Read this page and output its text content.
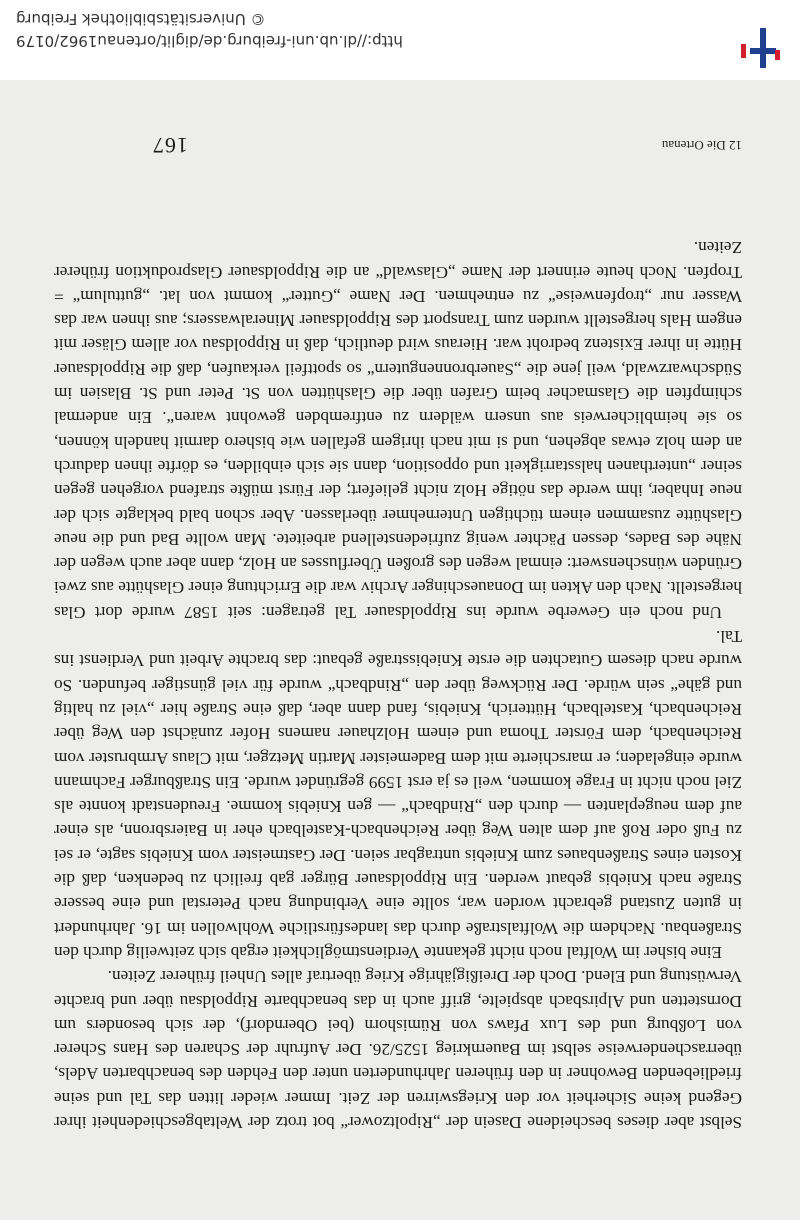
Selbst aber dieses bescheidene Dasein der „Ripoltzower“ bot trotz der Weltabgeschiedenheit ihrer Gegend keine Sicherheit vor den Kriegswirren der Zeit. Immer wieder litten das Tal und seine friedliebenden Bewohner in den früheren Jahrhunderten unter den Fehden des benachbarten Adels, überraschenderweise selbst im Bauernkrieg 1525/26. Der Aufruhr der Scharen des Hans Scherer von Loßburg und des Lux Pfaws von Rümishorn (bei Oberndorf), der sich besonders um Dornstetten und Alpirsbach abspielte, griff auch in das benachbarte Rippoldsau über und brachte Verwüstung und Elend. Doch der Dreißigjährige Krieg übertraf alles Unheil früherer Zeiten.

Eine bisher im Wolftal noch nicht gekannte Verdienstmöglichkeit ergab sich zeitweilig durch den Straßenbau. Nachdem die Wolftalstraße durch das landesfürstliche Wohlwollen im 16. Jahrhundert in guten Zustand gebracht worden war, sollte eine Verbindung nach Peterstal und eine bessere Straße nach Kniebis gebaut werden. Ein Rippoldsauer Bürger gab freilich zu bedenken, daß die Kosten eines Straßenbaues zum Kniebis untragbar seien. Der Gastmeister vom Kniebis sagte, er sei zu Fuß oder Roß auf dem alten Weg über Reichenbach-Kastelbach eher in Baiersbronn, als einer auf dem neugeplanten — durch den „Rindbach“ — gen Kniebis komme. Freudenstadt konnte als Ziel noch nicht in Frage kommen, weil es ja erst 1599 gegründet wurde. Ein Straßburger Fachmann wurde eingeladen; er marschierte mit dem Bademeister Martin Metzger, mit Claus Armbruster vom Reichenbach, dem Förster Thoma und einem Holzhauer namens Hofer zunächst den Weg über Reichenbach, Kastelbach, Hütterich, Kniebis, fand dann aber, daß eine Straße hier „viel zu haltig und gähe“ sein würde. Der Rückweg über den „Rindbach“ wurde für viel günstiger befunden. So wurde nach diesem Gutachten die erste Kniebisstraße gebaut: das brachte Arbeit und Verdienst ins Tal.

Und noch ein Gewerbe wurde ins Rippoldsauer Tal getragen: seit 1587 wurde dort Glas hergestellt. Nach den Akten im Donaueschinger Archiv war die Errichtung einer Glashütte aus zwei Gründen wünschenswert: einmal wegen des großen Überflusses an Holz, dann aber auch wegen der Nähe des Bades, dessen Pächter wenig zufriedenstellend arbeitete. Man wollte Bad und die neue Glashütte zusammen einem tüchtigen Unternehmer überlassen. Aber schon bald beklagte sich der neue Inhaber, ihm werde das nötige Holz nicht geliefert; der Fürst müßte strafend vorgehen gegen seiner „unterthanen halsstarrigkeit und opposition, dann sie sich einbilden, es dörfte ihnen dadurch an dem holz etwas abgehen, und si mit nach ihrigem gefallen wie bishero darmit handeln können, so sie heimblicherweis aus unsern wäldern zu entfrembden gewohnt waren“. Ein andermal schimpften die Glasmacher beim Grafen über die Glashütten von St. Peter und St. Blasien im Südschwarzwald, weil jene die „Sauerbronnengutern“ so spottfeil verkaufen, daß die Rippoldsauer Hütte in ihrer Existenz bedroht war. Hieraus wird deutlich, daß in Rippoldsau vor allem Gläser mit engem Hals hergestellt wurden zum Transport des Rippoldsauer Mineralwassers; aus ihnen war das Wasser nur „tropfenweise“ zu entnehmen. Der Name „Gutter“ kommt von lat. „guttulum“ = Tropfen. Noch heute erinnert der Name „Glaswald“ an die Rippoldsauer Glasproduktion früherer Zeiten.

12 Die Ortenau
167
http://dl.ub.uni-freiburg.de/diglit/ortenau1962/0179
© Universitätsbibliothek Freiburg
